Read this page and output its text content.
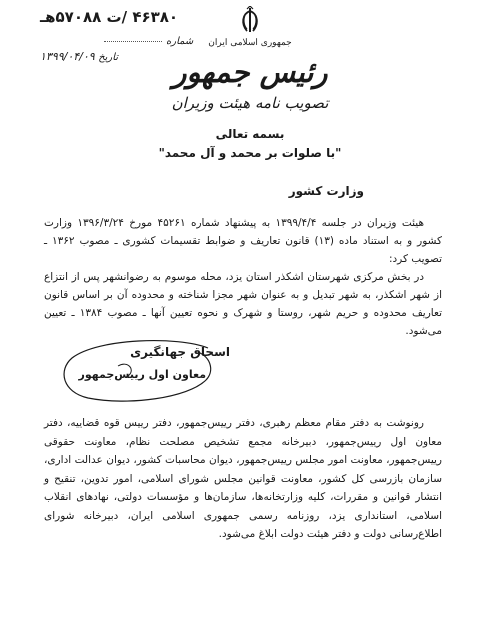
۴۶۳۸۰ /ت ۵۷۰۸۸هـ
شماره
تاریخ ۱۳۹۹/۰۴/۰۹
جمهوری اسلامی ایران
رئیس جمهور
تصویب نامه هیئت وزیران
بسمه تعالی
"با صلوات بر محمد و آل محمد"
وزارت کشور

هیئت وزیران در جلسه ۱۳۹۹/۴/۴ به پیشنهاد شماره ۴۵۲۶۱ مورخ ۱۳۹۶/۳/۲۴ وزارت کشور و به استناد ماده (۱۳) قانون تعاریف و ضوابط تقسیمات کشوری ـ مصوب ۱۳۶۲ ـ تصویب کرد:

در بخش مرکزی شهرستان اشکذر استان یزد، محله موسوم به رضوانشهر پس از انتزاع از شهر اشکذر، به شهر تبدیل و به عنوان شهر مجزا شناخته و محدوده آن بر اساس قانون تعاریف محدوده و حریم شهر، روستا و شهرک و نحوه تعیین آنها ـ مصوب ۱۳۸۴ ـ تعیین می‌شود.

اسحاق جهانگیری
معاون اول رییس‌جمهور

رونوشت به دفتر مقام معظم رهبری، دفتر رییس‌جمهور، دفتر رییس قوه قضاییه، دفتر معاون اول رییس‌جمهور، دبیرخانه مجمع تشخیص مصلحت نظام، معاونت حقوقی رییس‌جمهور، معاونت امور مجلس رییس‌جمهور، دیوان محاسبات کشور، دیوان عدالت اداری، سازمان بازرسی کل کشور، معاونت قوانین مجلس شورای اسلامی، امور تدوین، تنقیح و انتشار قوانین و مقررات، کلیه وزارتخانه‌ها، سازمان‌ها و مؤسسات دولتی، نهادهای انقلاب اسلامی، استانداری یزد، روزنامه رسمی جمهوری اسلامی ایران، دبیرخانه شورای اطلاع‌رسانی دولت و دفتر هیئت دولت ابلاغ می‌شود.
